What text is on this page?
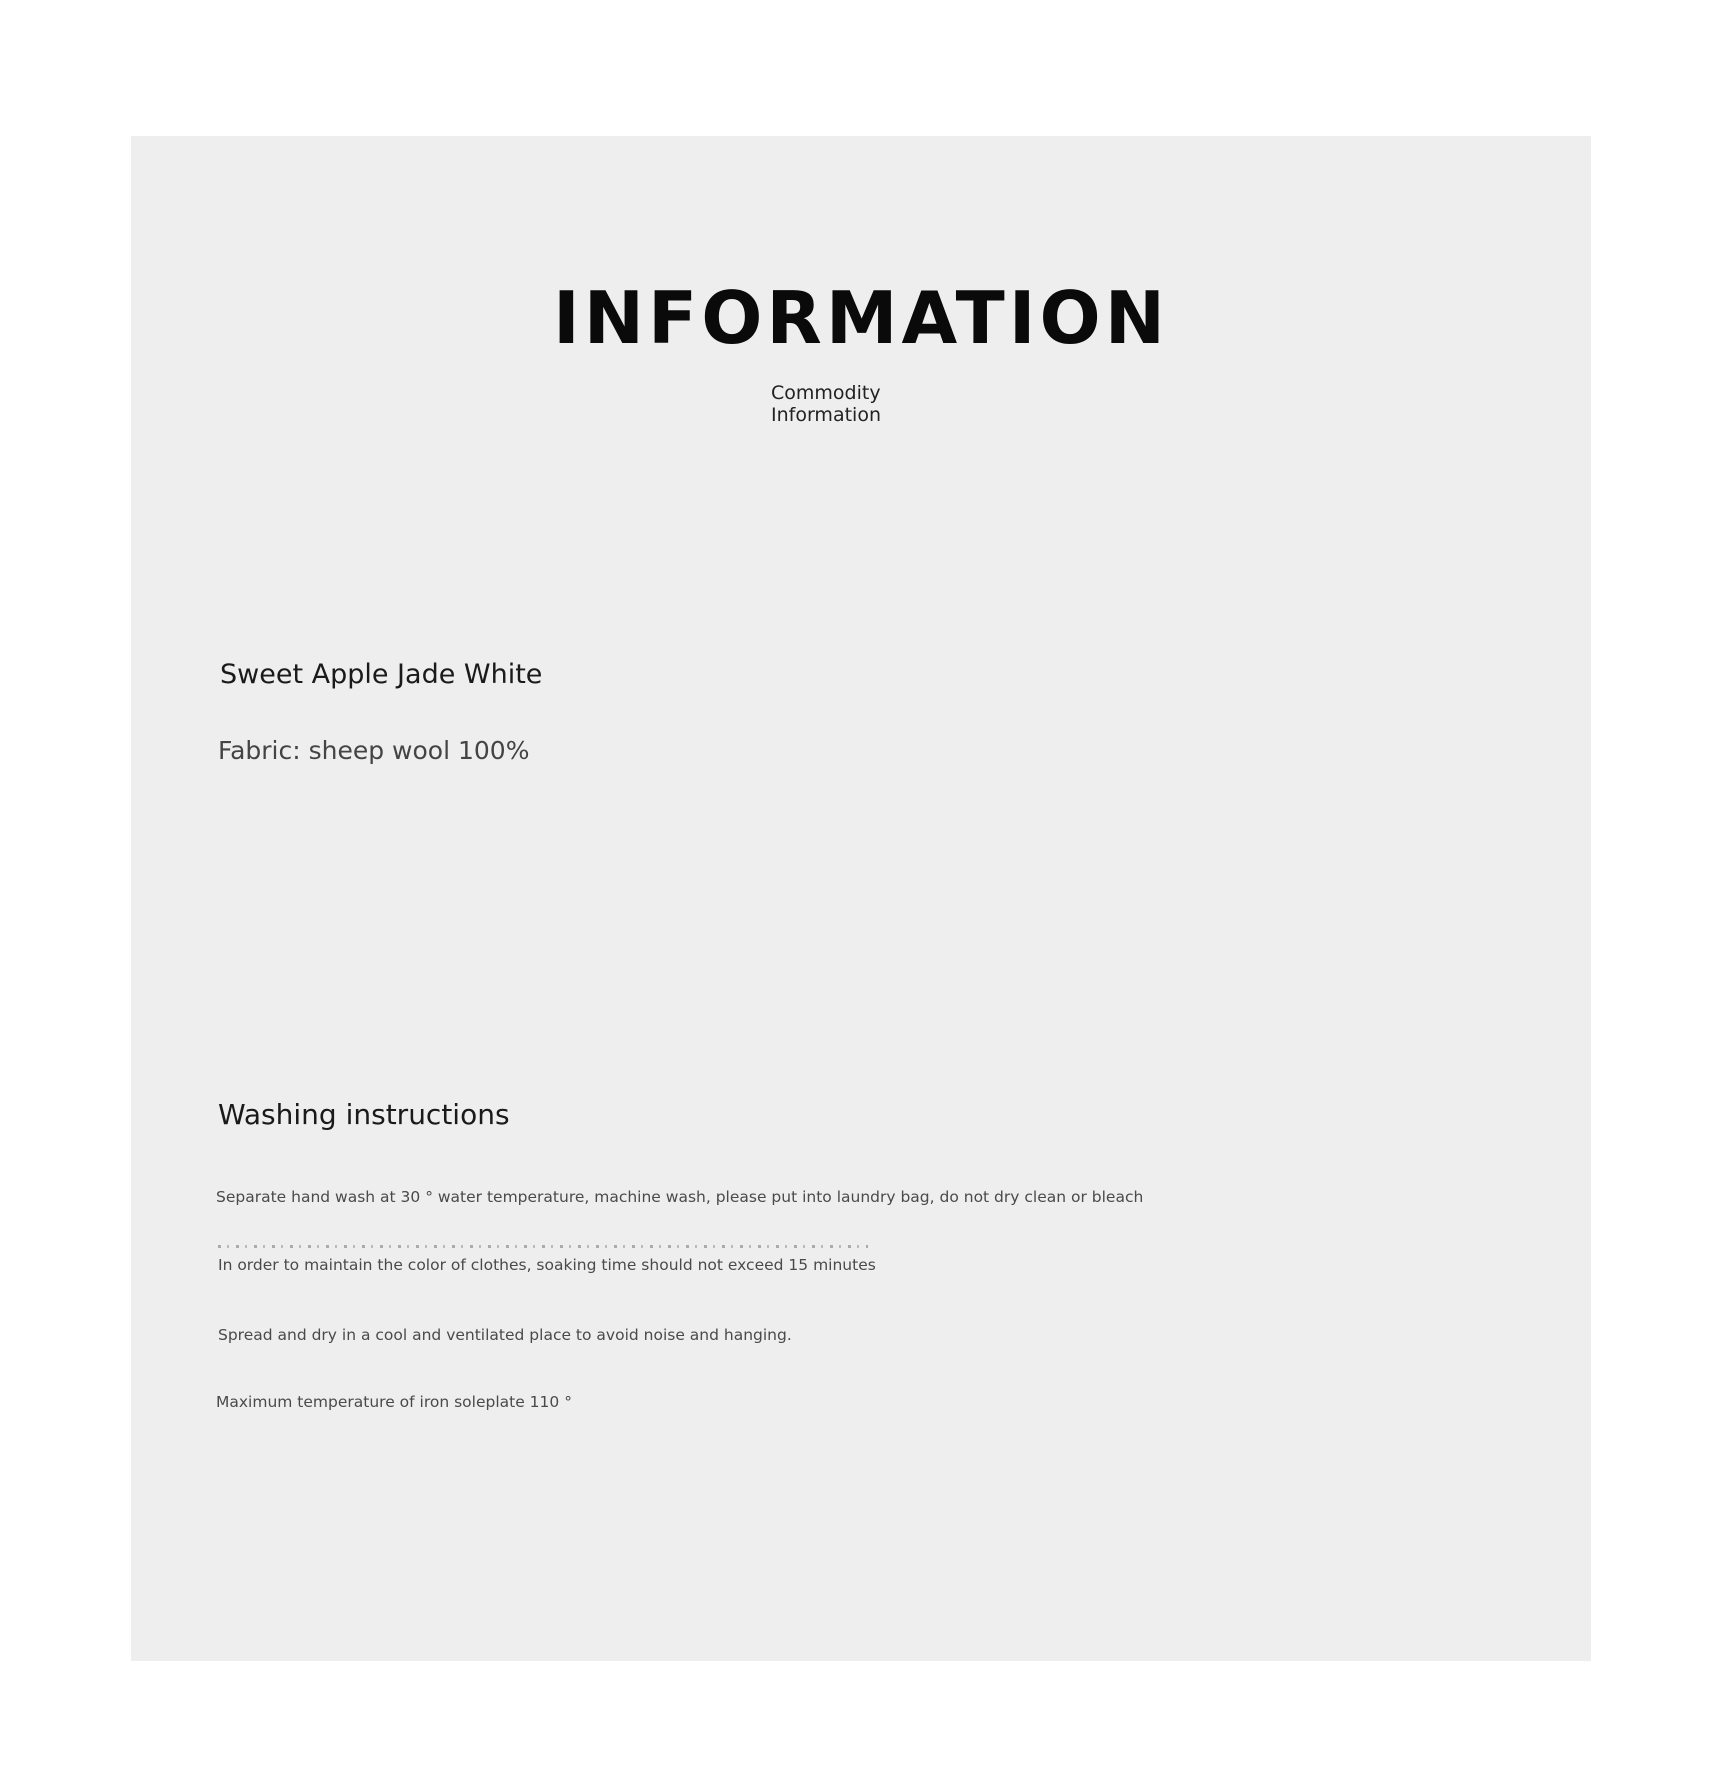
INFORMATION
Commodity
Information
Sweet Apple Jade White
Fabric: sheep wool 100%
Washing instructions
Separate hand wash at 30 ° water temperature, machine wash, please put into laundry bag, do not dry clean or bleach
In order to maintain the color of clothes, soaking time should not exceed 15 minutes
Spread and dry in a cool and ventilated place to avoid noise and hanging.
Maximum temperature of iron soleplate 110 °
